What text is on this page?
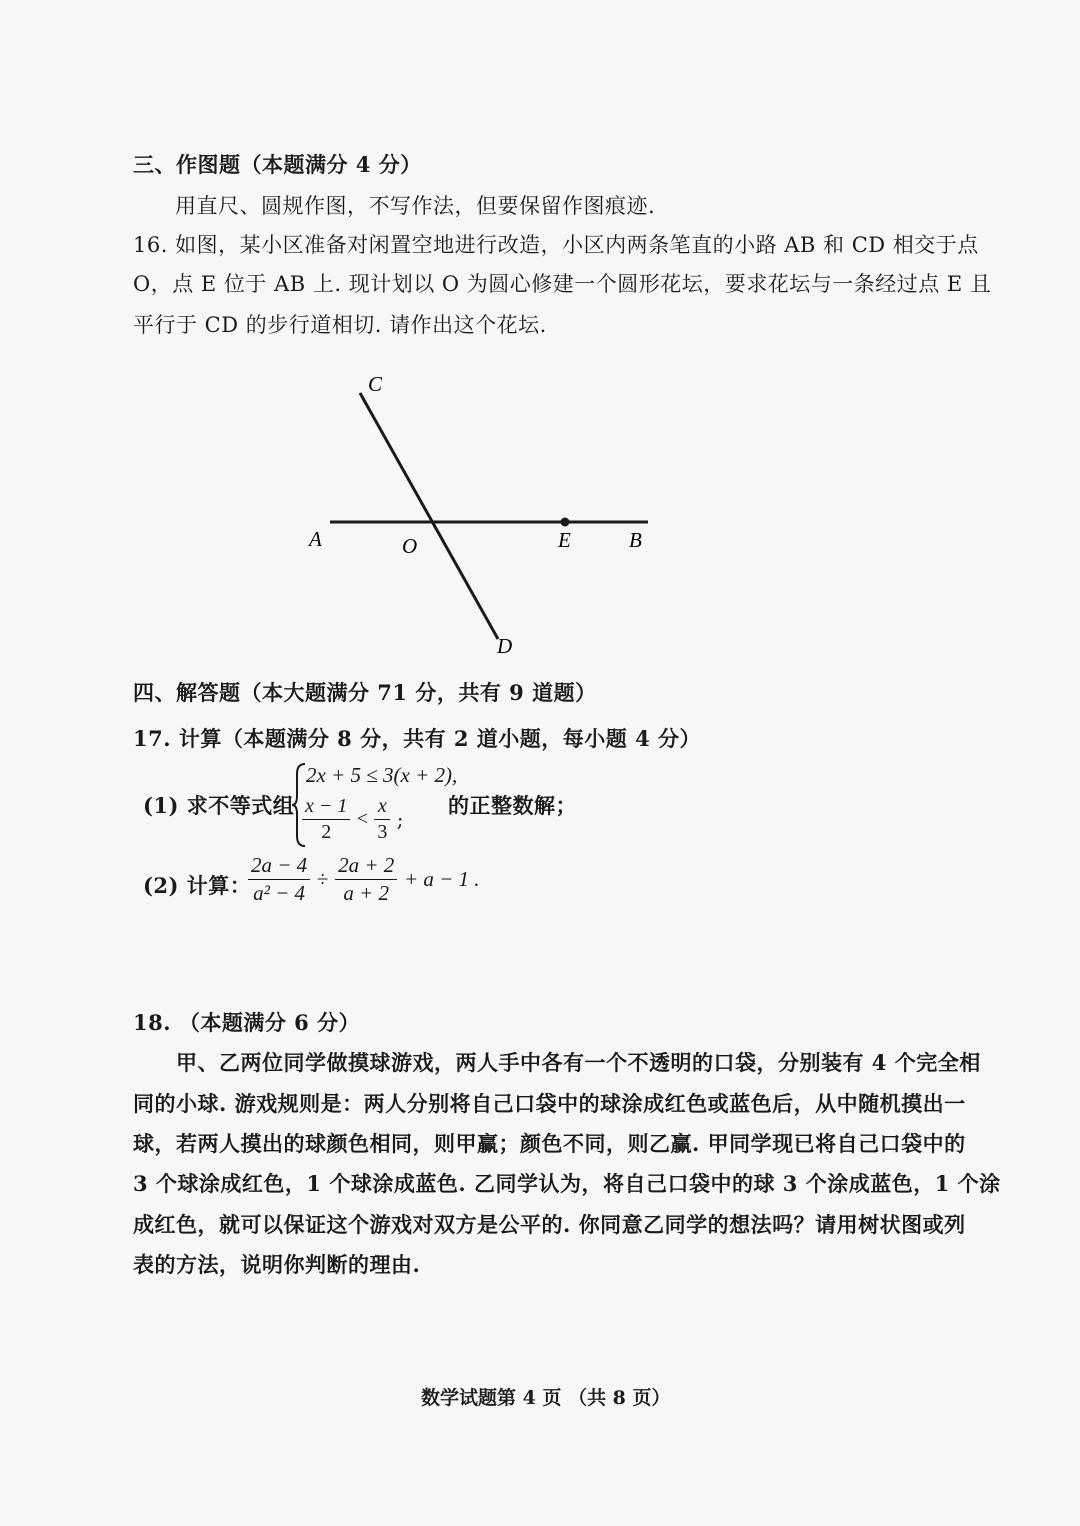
三、作图题（本题满分 4 分）
用直尺、圆规作图，不写作法，但要保留作图痕迹.
16. 如图，某小区准备对闲置空地进行改造，小区内两条笔直的小路 AB 和 CD 相交于点
O，点 E 位于 AB 上. 现计划以 O 为圆心修建一个圆形花坛，要求花坛与一条经过点 E 且
平行于 CD 的步行道相切. 请作出这个花坛.
C
A	O	E	B
D
四、解答题（本大题满分 71 分，共有 9 道题）
17. 计算（本题满分 8 分，共有 2 道小题，每小题 4 分）
(1) 求不等式组
2x + 5 ≤ 3(x + 2),
$\frac{x - 1}{2} < \frac{x}{3}$ ;
的正整数解；
(2) 计算：
$\frac{2a - 4}{\text{a² − 4}} \div \frac{2a + 2}{a + 2} + a - 1$ .
18. （本题满分 6 分）
甲、乙两位同学做摸球游戏，两人手中各有一个不透明的口袋，分别装有 4 个完全相
同的小球. 游戏规则是：两人分别将自己口袋中的球涂成红色或蓝色后，从中随机摸出一
球，若两人摸出的球颜色相同，则甲赢；颜色不同，则乙赢. 甲同学现已将自己口袋中的
3 个球涂成红色，1 个球涂成蓝色. 乙同学认为，将自己口袋中的球 3 个涂成蓝色，1 个涂
成红色，就可以保证这个游戏对双方是公平的. 你同意乙同学的想法吗？请用树状图或列
表的方法，说明你判断的理由.
数学试题第 4 页 （共 8 页）
